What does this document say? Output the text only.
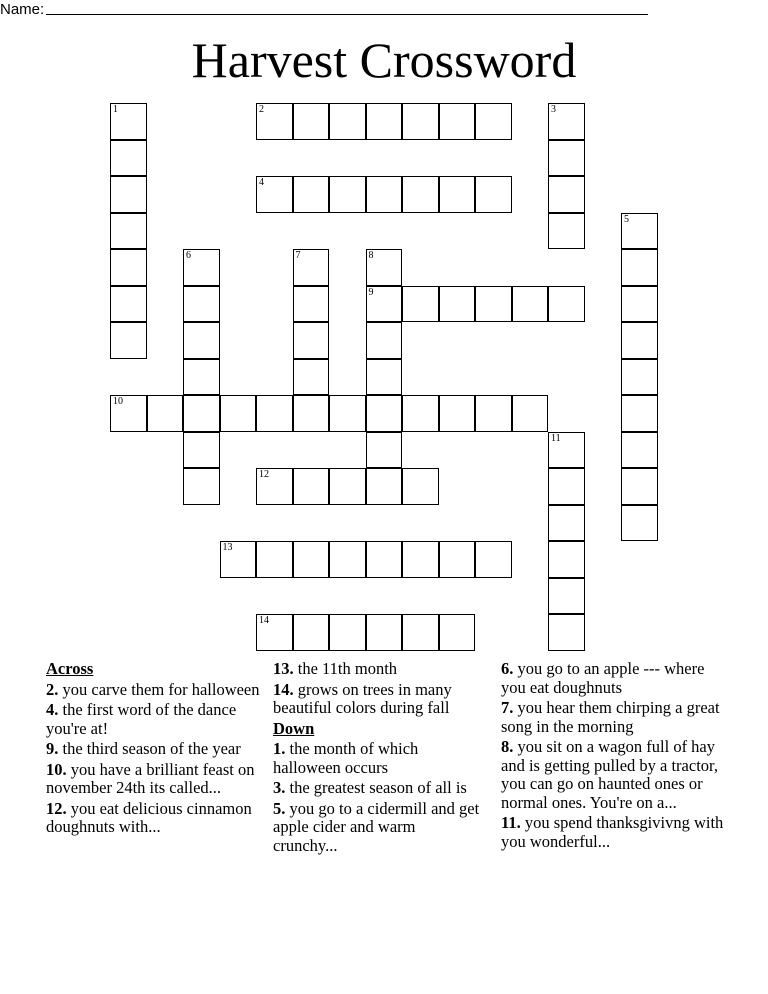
Name:
Harvest Crossword
1	2	3
4
5
6	7	8
9
10
11
12
13
14
Across
2. you carve them for halloween
4. the first word of the dance you're at!
9. the third season of the year
10. you have a brilliant feast on november 24th its called...
12. you eat delicious cinnamon doughnuts with...
13. the 11th month
14. grows on trees in many beautiful colors during fall
Down
1. the month of which halloween occurs
3. the greatest season of all is
5. you go to a cidermill and get apple cider and warm crunchy...
6. you go to an apple --- where you eat doughnuts
7. you hear them chirping a great song in the morning
8. you sit on a wagon full of hay and is getting pulled by a tractor, you can go on haunted ones or normal ones. You're on a...
11. you spend thanksgivivng with you wonderful...
